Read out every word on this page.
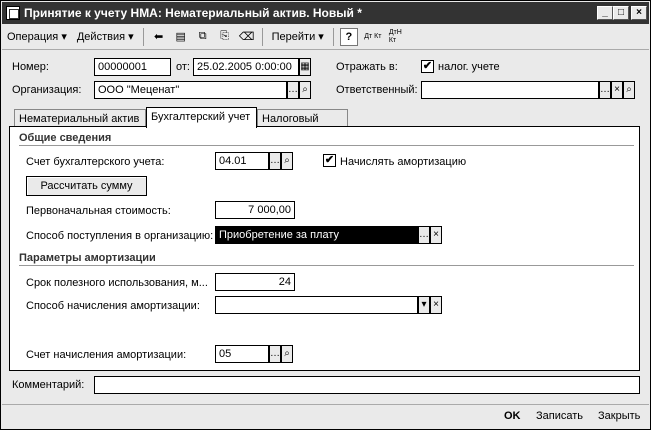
Принятие к учету НМА: Нематериальный актив. Новый *	_	□	×
Операция ▾ Действия ▾	⬅	▤	⧉	⎘ ⌫	Перейти ▾	?	Дт Кт
ДтН Кт
Номер:	00000001	от: 25.02.2005 0:00:00 ▦ Отражать в: ✔ налог. учете
Организация:	ООО "Меценат"	… ⌕	Ответственный:	… × ⌕
Нематериальный актив	Бухгалтерский учет	Налоговый
Общие сведения
Счет бухгалтерского учета:	04.01	… ⌕	✔ Начислять амортизацию
Рассчитать сумму
Первоначальная стоимость:	7 000,00
Способ поступления в организацию: Приобретение за плату	… ×
Параметры амортизации
Срок полезного использования, м...	24
Способ начисления амортизации:	▾ ×
Счет начисления амортизации:	05	… ⌕
Комментарий:
OK Записать Закрыть
